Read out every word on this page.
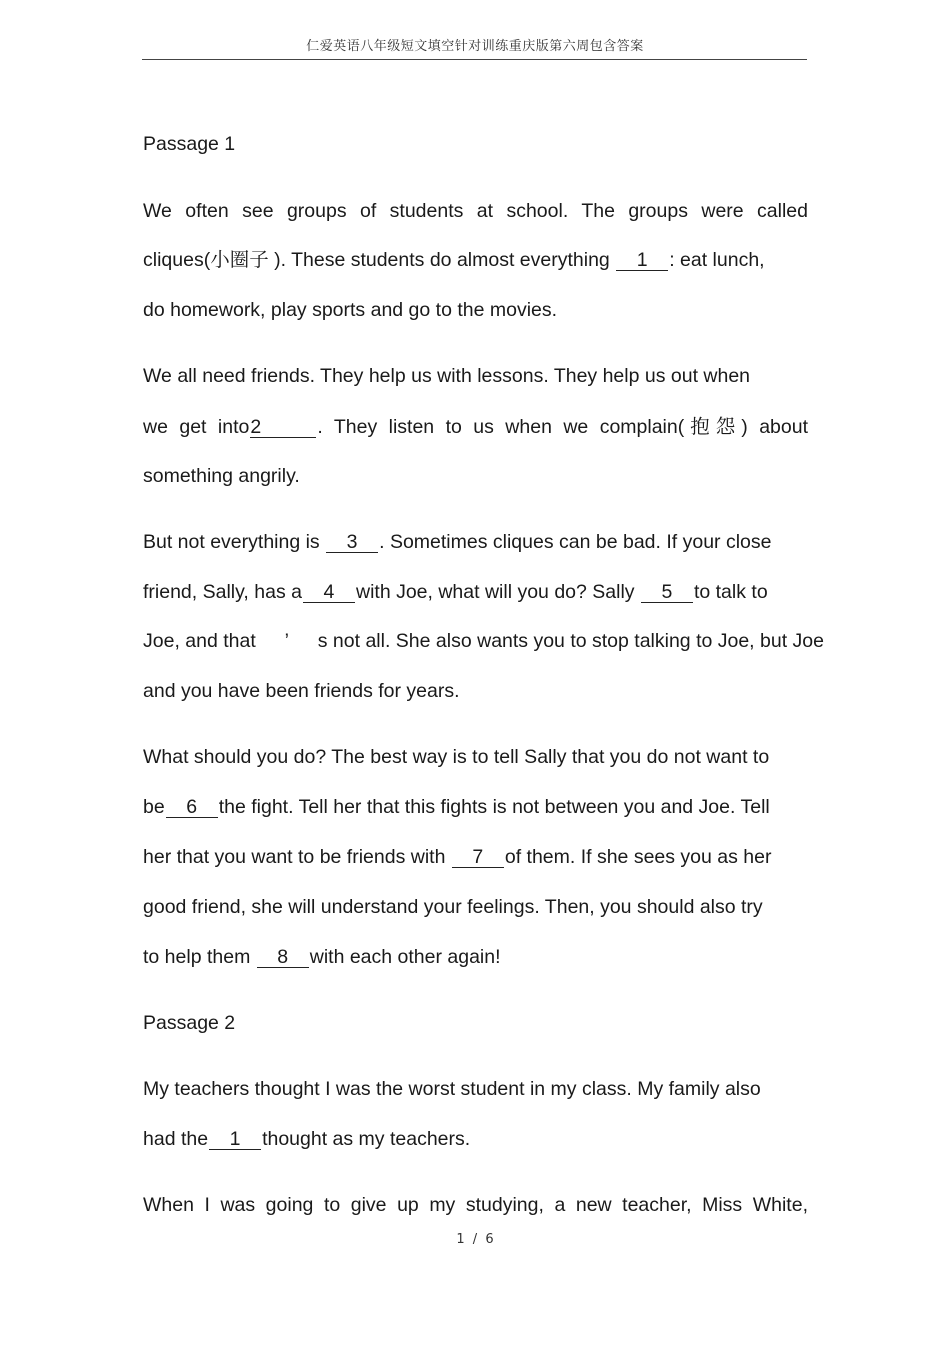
仁爱英语八年级短文填空针对训练重庆版第六周包含答案
Passage 1
We often see groups of students at school. The groups were called
cliques(小圈子 ). These students do almost everything 1 : eat lunch,
do homework, play sports and go to the movies.
We all need friends. They help us with lessons. They help us out when
we get into2	. They listen to us when we complain(抱怨) about
something angrily.
But not everything is 3 . Sometimes cliques can be bad. If your close
friend, Sally, has a 4 with Joe, what will you do? Sally 5 to talk to
Joe, and that ’ s not all. She also wants you to stop talking to Joe, but Joe
and you have been friends for years.
What should you do? The best way is to tell Sally that you do not want to
be 6 the fight. Tell her that this fights is not between you and Joe. Tell
her that you want to be friends with 7 of them. If she sees you as her
good friend, she will understand your feelings. Then, you should also try
to help them 8 with each other again!
Passage 2
My teachers thought I was the worst student in my class. My family also
had the 1 thought as my teachers.
When I was going to give up my studying, a new teacher, Miss White,
1 / 6
